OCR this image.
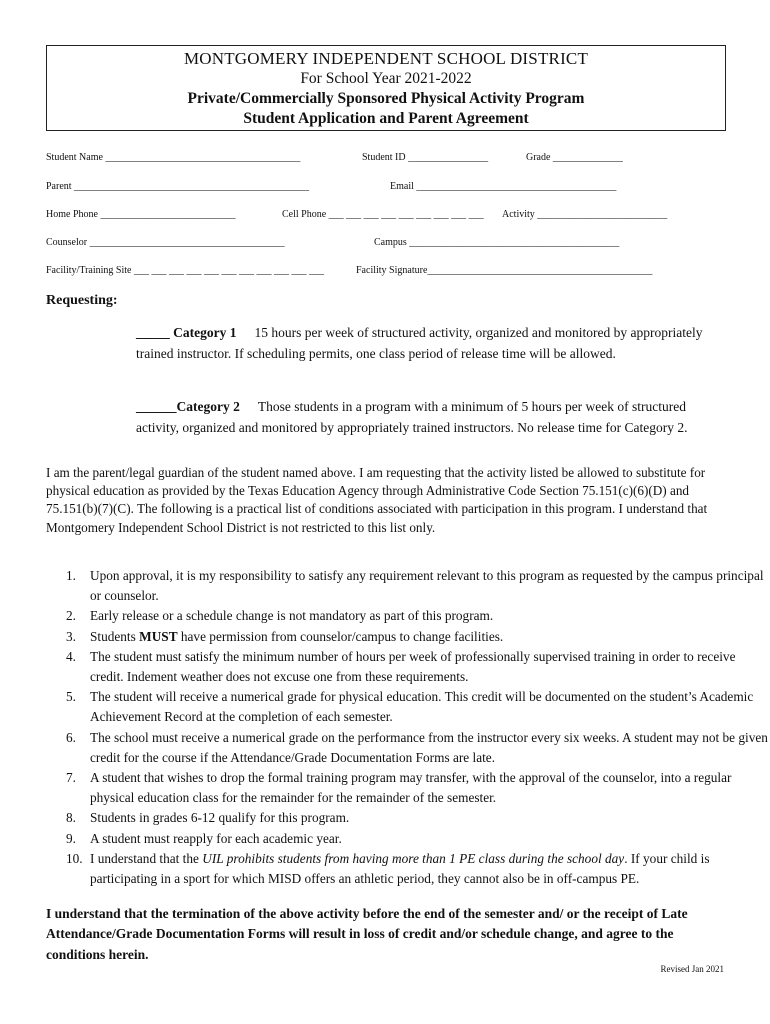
MONTGOMERY INDEPENDENT SCHOOL DISTRICT
For School Year 2021-2022
Private/Commercially Sponsored Physical Activity Program
Student Application and Parent Agreement
Student Name _______________________________________	Student ID ________________	Grade ______________
Parent _______________________________________________	Email ________________________________________
Home Phone ___________________________	Cell Phone ___ ___ ___ ___ ___ ___ ___ ___ ___ Activity __________________________
Counselor _______________________________________	Campus __________________________________________
Facility/Training Site ___ ___ ___ ___ ___ ___ ___ ___ ___ ___ ___	Facility Signature_____________________________________________
Requesting:
_____ Category 1 15 hours per week of structured activity, organized and monitored by appropriately trained instructor. If scheduling permits, one class period of release time will be allowed.
______Category 2 Those students in a program with a minimum of 5 hours per week of structured activity, organized and monitored by appropriately trained instructors. No release time for Category 2.
I am the parent/legal guardian of the student named above. I am requesting that the activity listed be allowed to substitute for physical education as provided by the Texas Education Agency through Administrative Code Section 75.151(c)(6)(D) and 75.151(b)(7)(C). The following is a practical list of conditions associated with participation in this program. I understand that Montgomery Independent School District is not restricted to this list only.
1. Upon approval, it is my responsibility to satisfy any requirement relevant to this program as requested by the campus principal or counselor.
2. Early release or a schedule change is not mandatory as part of this program.
3. Students MUST have permission from counselor/campus to change facilities.
4. The student must satisfy the minimum number of hours per week of professionally supervised training in order to receive credit. Indement weather does not excuse one from these requirements.
5. The student will receive a numerical grade for physical education. This credit will be documented on the student’s Academic Achievement Record at the completion of each semester.
6. The school must receive a numerical grade on the performance from the instructor every six weeks. A student may not be given credit for the course if the Attendance/Grade Documentation Forms are late.
7. A student that wishes to drop the formal training program may transfer, with the approval of the counselor, into a regular physical education class for the remainder for the remainder of the semester.
8. Students in grades 6-12 qualify for this program.
9. A student must reapply for each academic year.
10. I understand that the UIL prohibits students from having more than 1 PE class during the school day. If your child is participating in a sport for which MISD offers an athletic period, they cannot also be in off-campus PE.
I understand that the termination of the above activity before the end of the semester and/ or the receipt of Late Attendance/Grade Documentation Forms will result in loss of credit and/or schedule change, and agree to the conditions herein.
Revised Jan 2021
